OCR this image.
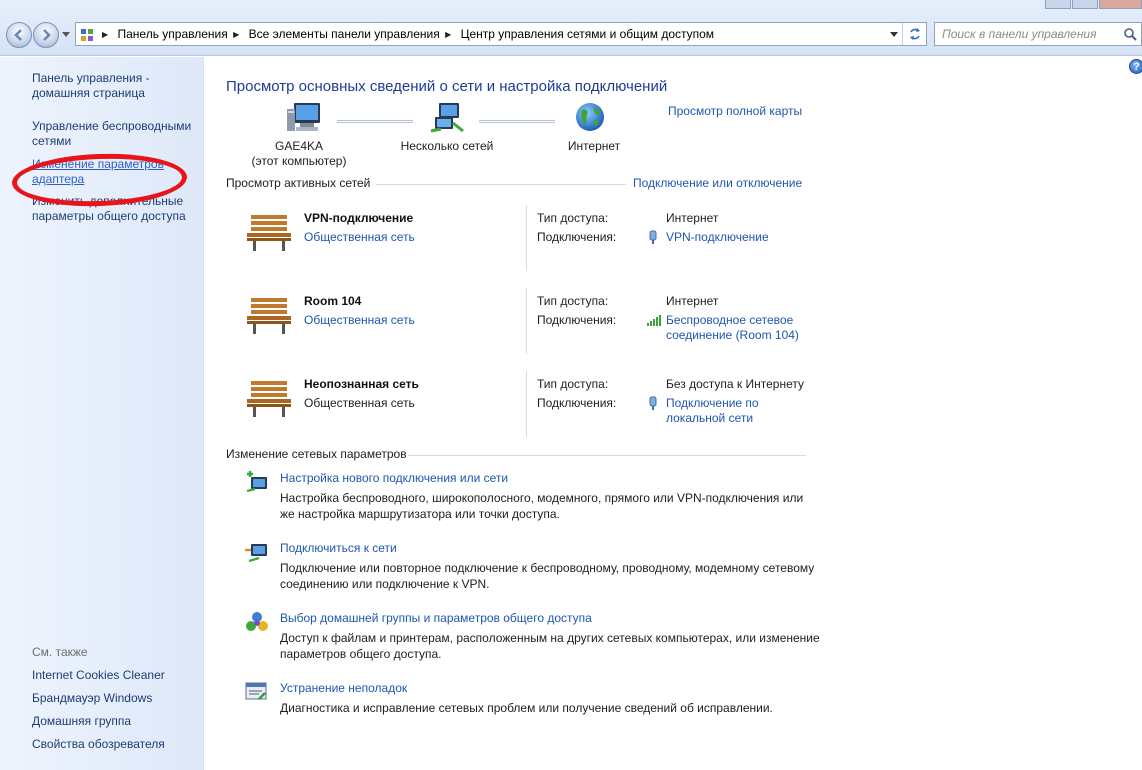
▶ Панель управления ▶ Все элементы панели управления ▶ Центр управления сетями и общим доступом	Поиск в панели управления
Панель управления - домашняя страница
Управление беспроводными сетями
Изменение параметров адаптера
Изменить дополнительные параметры общего доступа
См. также
Internet Cookies Cleaner
Брандмауэр Windows
Домашняя группа
Свойства обозревателя
?
Просмотр основных сведений о сети и настройка подключений
GAE4KA
(этот компьютер)
Несколько сетей	Интернет
Просмотр полной карты
Просмотр активных сетей	Подключение или отключение
VPN-подключение
Общественная сеть
Тип доступа:	Интернет
Подключения:	VPN-подключение
Room 104
Общественная сеть
Тип доступа:	Интернет
Подключения:	Беспроводное сетевое
соединение (Room 104)
Неопознанная сеть
Общественная сеть
Тип доступа:	Без доступа к Интернету
Подключения:	Подключение по
локальной сети
Изменение сетевых параметров
Настройка нового подключения или сети
Настройка беспроводного, широкополосного, модемного, прямого или VPN-подключения или же настройка маршрутизатора или точки доступа.
Подключиться к сети
Подключение или повторное подключение к беспроводному, проводному, модемному сетевому соединению или подключение к VPN.
Выбор домашней группы и параметров общего доступа
Доступ к файлам и принтерам, расположенным на других сетевых компьютерах, или изменение параметров общего доступа.
Устранение неполадок
Диагностика и исправление сетевых проблем или получение сведений об исправлении.
